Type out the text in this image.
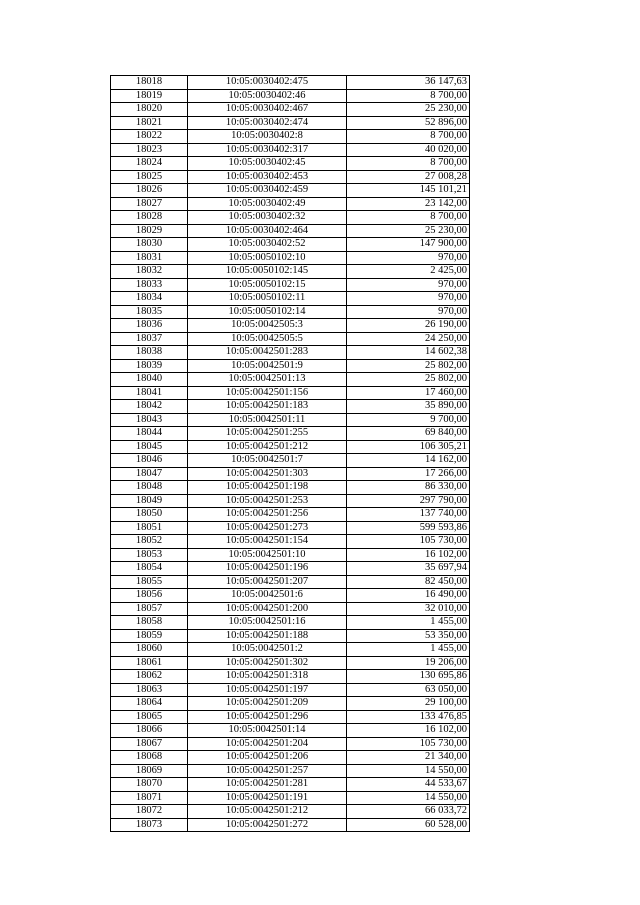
18018	10:05:0030402:475	36 147,63
18019	10:05:0030402:46	8 700,00
18020	10:05:0030402:467	25 230,00
18021	10:05:0030402:474	52 896,00
18022	10:05:0030402:8	8 700,00
18023	10:05:0030402:317	40 020,00
18024	10:05:0030402:45	8 700,00
18025	10:05:0030402:453	27 008,28
18026	10:05:0030402:459	145 101,21
18027	10:05:0030402:49	23 142,00
18028	10:05:0030402:32	8 700,00
18029	10:05:0030402:464	25 230,00
18030	10:05:0030402:52	147 900,00
18031	10:05:0050102:10	970,00
18032	10:05:0050102:145	2 425,00
18033	10:05:0050102:15	970,00
18034	10:05:0050102:11	970,00
18035	10:05:0050102:14	970,00
18036	10:05:0042505:3	26 190,00
18037	10:05:0042505:5	24 250,00
18038	10:05:0042501:283	14 602,38
18039	10:05:0042501:9	25 802,00
18040	10:05:0042501:13	25 802,00
18041	10:05:0042501:156	17 460,00
18042	10:05:0042501:183	35 890,00
18043	10:05:0042501:11	9 700,00
18044	10:05:0042501:255	69 840,00
18045	10:05:0042501:212	106 305,21
18046	10:05:0042501:7	14 162,00
18047	10:05:0042501:303	17 266,00
18048	10:05:0042501:198	86 330,00
18049	10:05:0042501:253	297 790,00
18050	10:05:0042501:256	137 740,00
18051	10:05:0042501:273	599 593,86
18052	10:05:0042501:154	105 730,00
18053	10:05:0042501:10	16 102,00
18054	10:05:0042501:196	35 697,94
18055	10:05:0042501:207	82 450,00
18056	10:05:0042501:6	16 490,00
18057	10:05:0042501:200	32 010,00
18058	10:05:0042501:16	1 455,00
18059	10:05:0042501:188	53 350,00
18060	10:05:0042501:2	1 455,00
18061	10:05:0042501:302	19 206,00
18062	10:05:0042501:318	130 695,86
18063	10:05:0042501:197	63 050,00
18064	10:05:0042501:209	29 100,00
18065	10:05:0042501:296	133 476,85
18066	10:05:0042501:14	16 102,00
18067	10:05:0042501:204	105 730,00
18068	10:05:0042501:206	21 340,00
18069	10:05:0042501:257	14 550,00
18070	10:05:0042501:281	44 533,67
18071	10:05:0042501:191	14 550,00
18072	10:05:0042501:212	66 033,72
18073	10:05:0042501:272	60 528,00
